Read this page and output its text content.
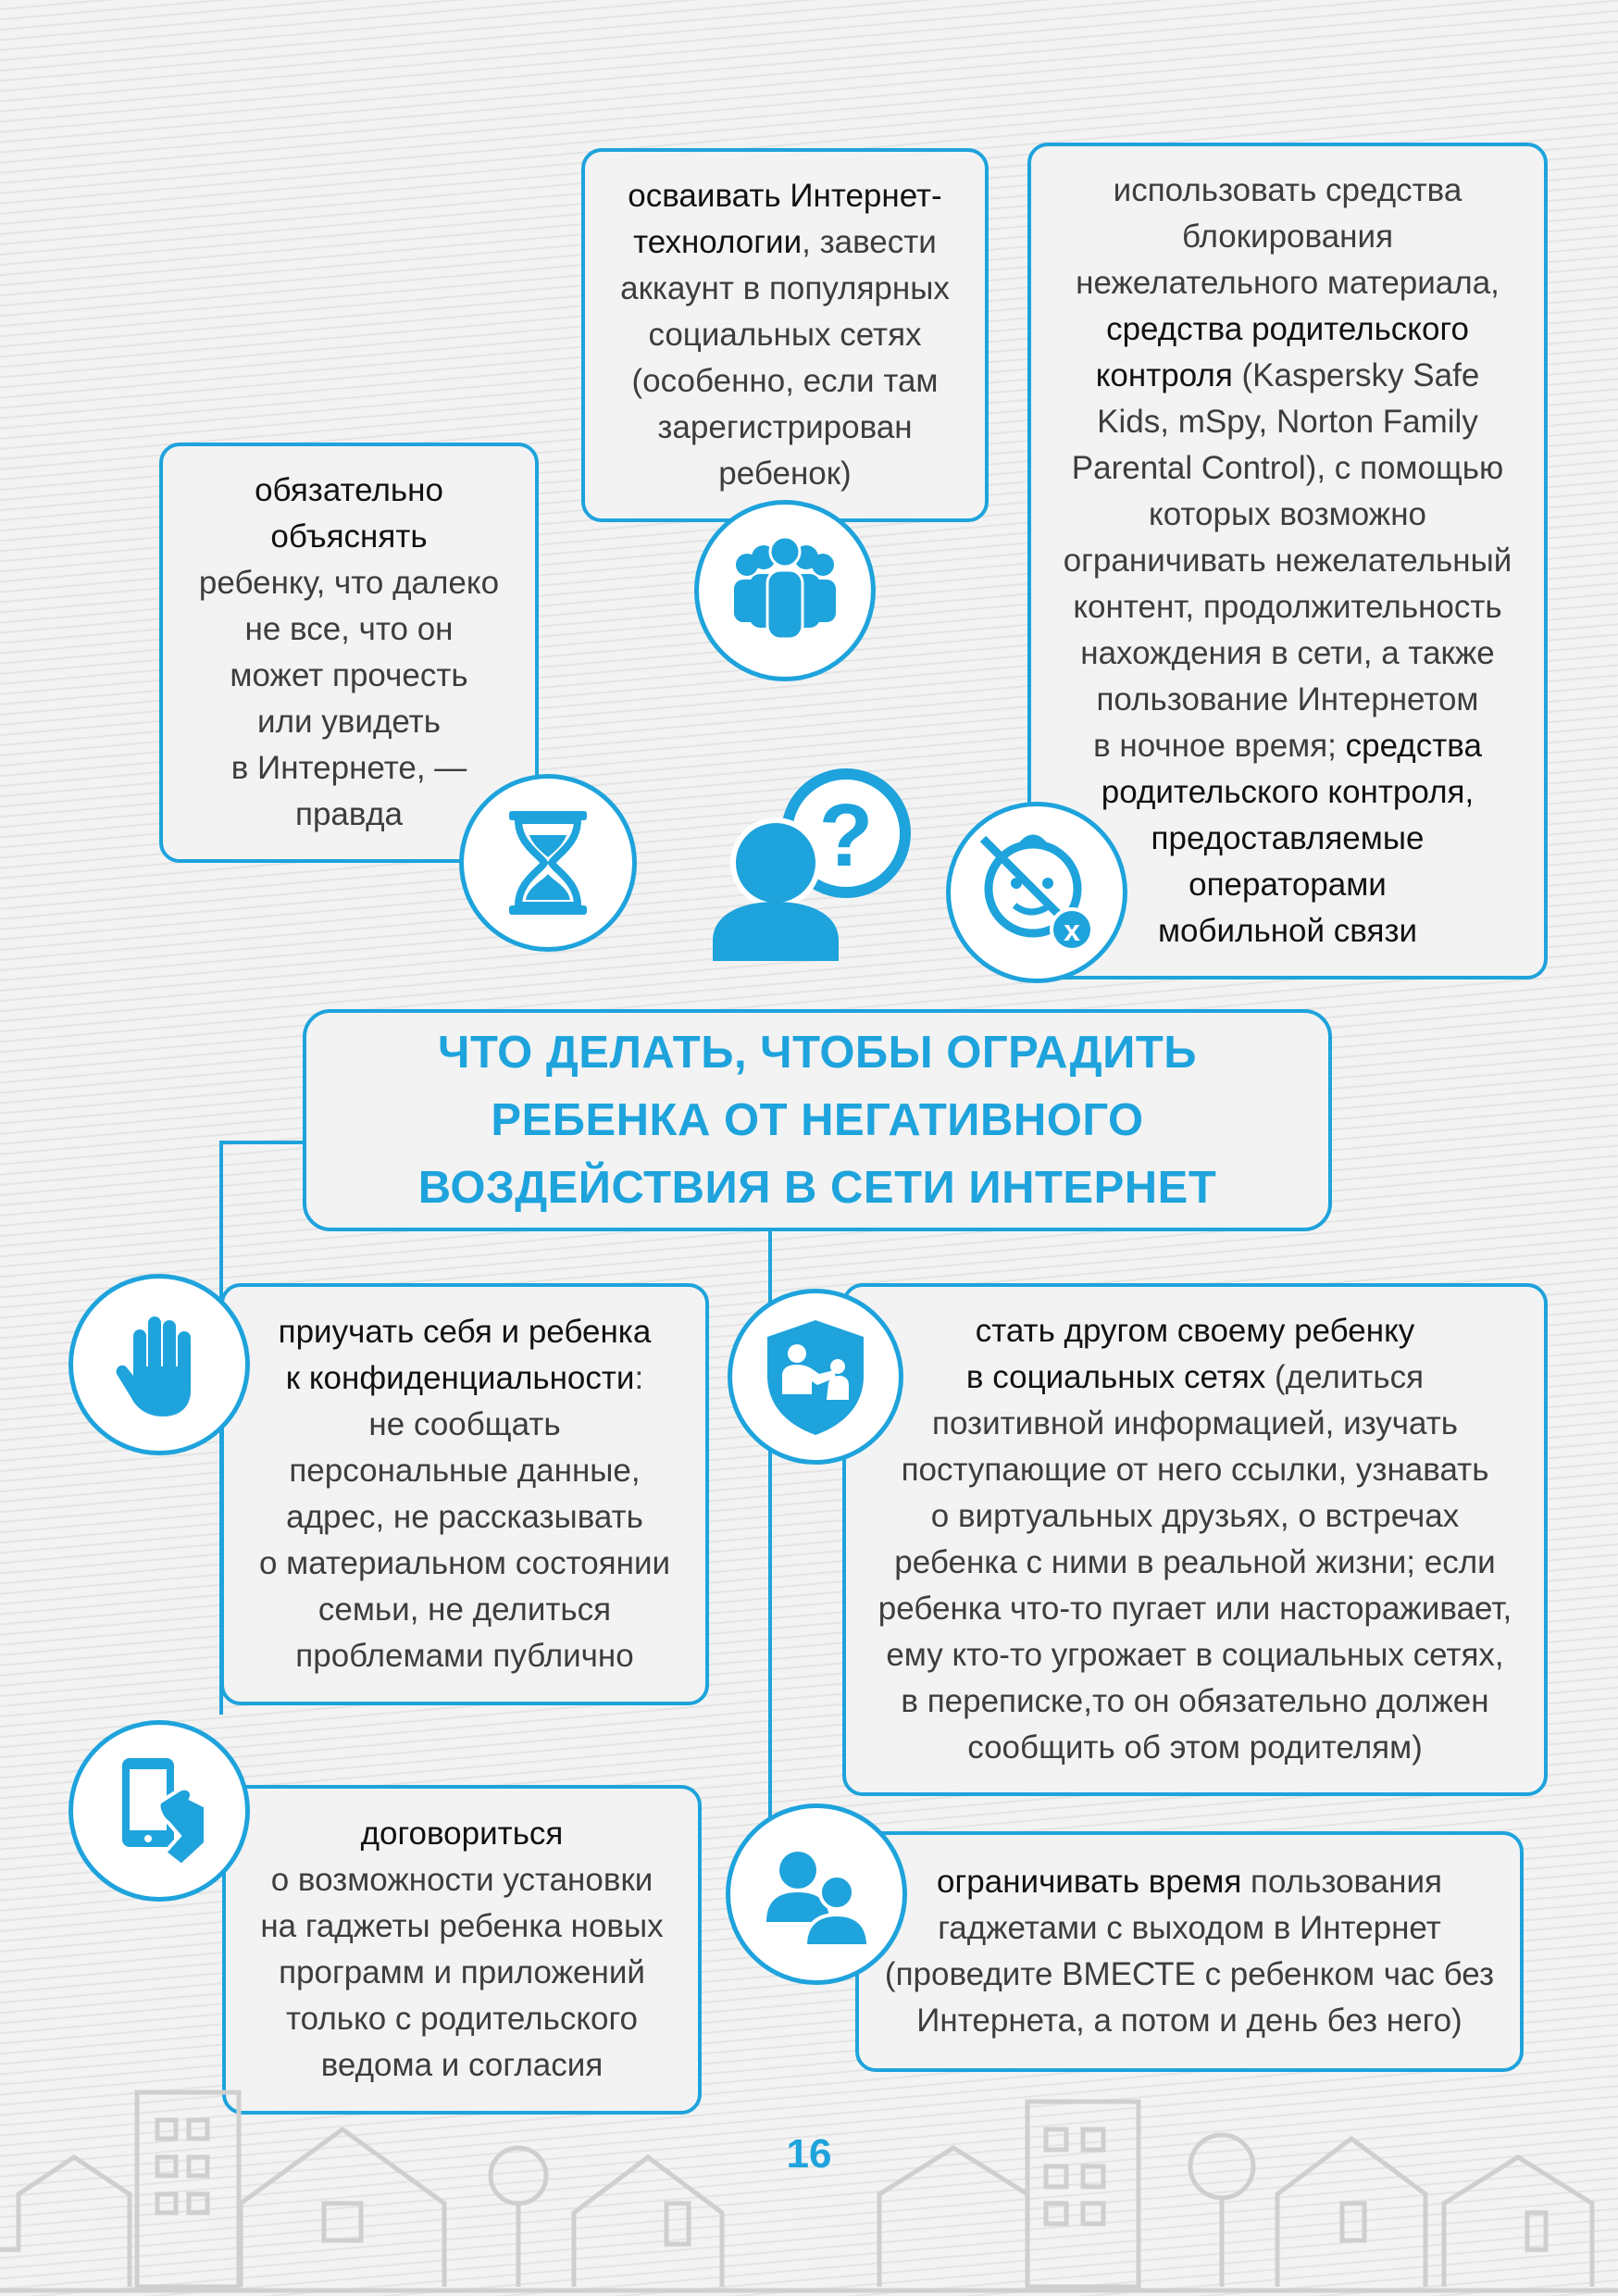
осваивать Интернет-
технологии, завести
аккаунт в популярных
социальных сетях
(особенно, если там
зарегистрирован
ребенок)
использовать средства
блокирования
нежелательного материала,
средства родительского
контроля (Kaspersky Safe
Kids, mSpy, Norton Family
Parental Control), с помощью
которых возможно
ограничивать нежелательный
контент, продолжительность
нахождения в сети, а также
пользование Интернетом
в ночное время; средства
родительского контроля,
предоставляемые
операторами
мобильной связи
обязательно
объяснять
ребенку, что далеко
не все, что он
может прочесть
или увидеть
в Интернете, —
правда
ЧТО ДЕЛАТЬ, ЧТОБЫ ОГРАДИТЬ
РЕБЕНКА ОТ НЕГАТИВНОГО
ВОЗДЕЙСТВИЯ В СЕТИ ИНТЕРНЕТ
приучать себя и ребенка
к конфиденциальности:
не сообщать
персональные данные,
адрес, не рассказывать
о материальном состоянии
семьи, не делиться
проблемами публично
стать другом своему ребенку
в социальных сетях (делиться
позитивной информацией, изучать
поступающие от него ссылки, узнавать
о виртуальных друзьях, о встречах
ребенка с ними в реальной жизни; если
ребенка что-то пугает или настораживает,
ему кто-то угрожает в социальных сетях,
в переписке,то он обязательно должен
сообщить об этом родителям)
договориться
о возможности установки
на гаджеты ребенка новых
программ и приложений
только с родительского
ведома и согласия
ограничивать время пользования
гаджетами с выходом в Интернет
(проведите ВМЕСТЕ с ребенком час без
Интернета, а потом и день без него)
?
x
16
